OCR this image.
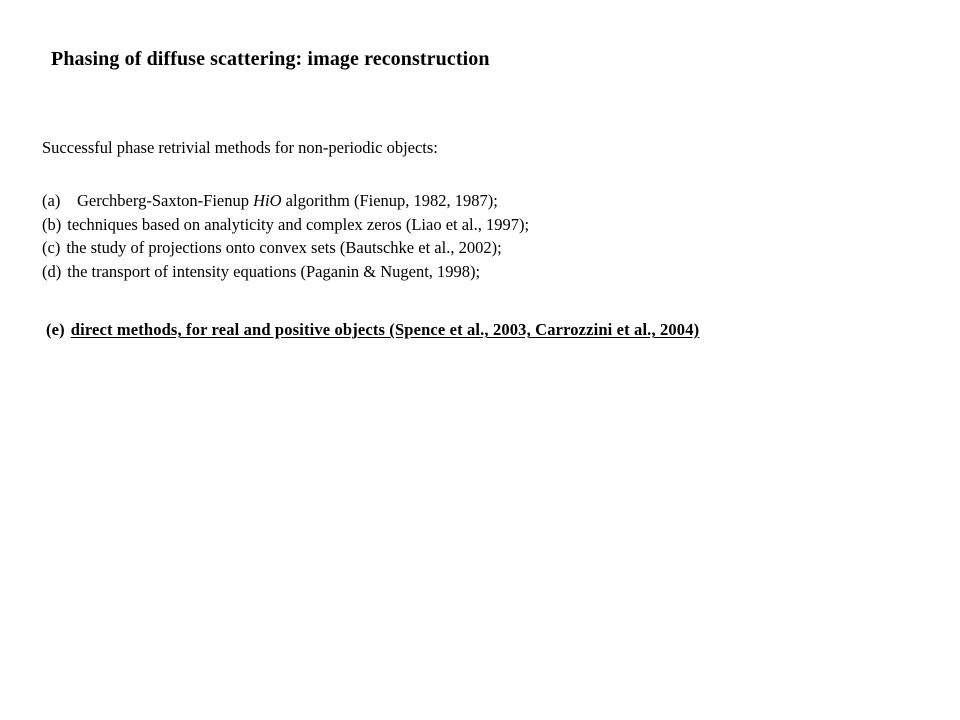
Phasing of diffuse scattering: image reconstruction
Successful phase retrivial methods for non-periodic objects:
(a) Gerchberg-Saxton-Fienup HiO algorithm (Fienup, 1982, 1987);
(b) techniques based on analyticity and complex zeros (Liao et al., 1997);
(c) the study of projections onto convex sets (Bautschke et al., 2002);
(d) the transport of intensity equations (Paganin & Nugent, 1998);
(e) direct methods, for real and positive objects (Spence et al., 2003, Carrozzini et al., 2004)
